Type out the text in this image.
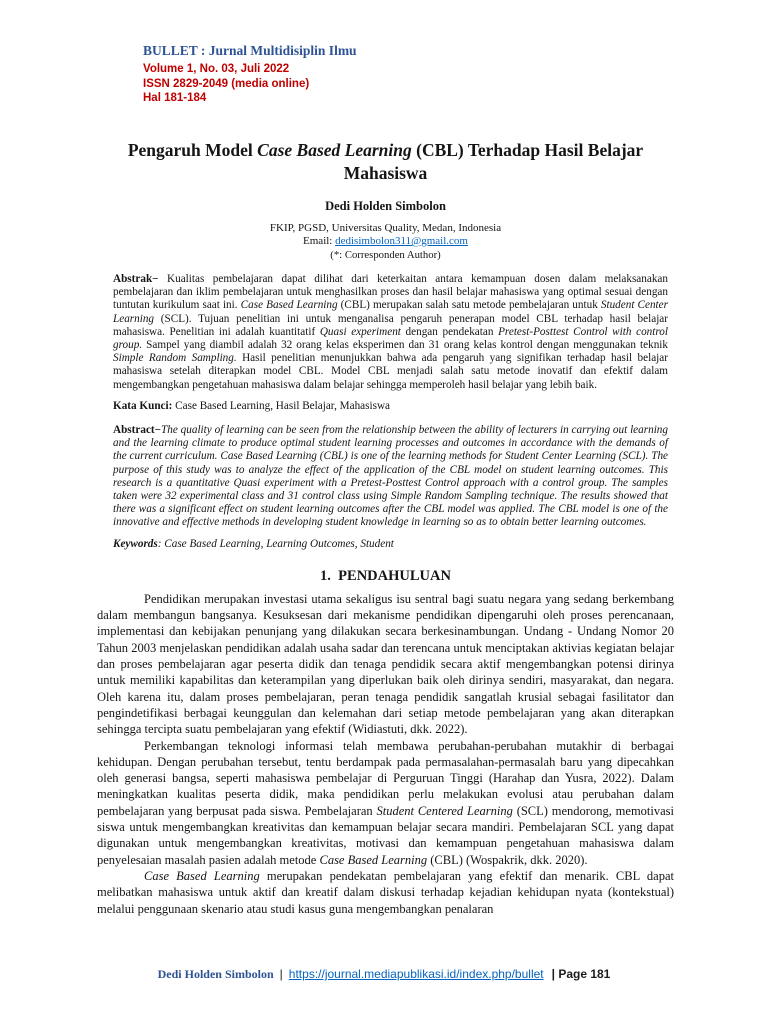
BULLET : Jurnal Multidisiplin Ilmu
Volume 1, No. 03, Juli 2022
ISSN 2829-2049 (media online)
Hal 181-184
Pengaruh Model Case Based Learning (CBL) Terhadap Hasil Belajar Mahasiswa
Dedi Holden Simbolon
FKIP, PGSD, Universitas Quality, Medan, Indonesia
Email: dedisimbolon311@gmail.com
(*: Corresponden Author)

Abstrak− Kualitas pembelajaran dapat dilihat dari keterkaitan antara kemampuan dosen dalam melaksanakan pembelajaran dan iklim pembelajaran untuk menghasilkan proses dan hasil belajar mahasiswa yang optimal sesuai dengan tuntutan kurikulum saat ini. Case Based Learning (CBL) merupakan salah satu metode pembelajaran untuk Student Center Learning (SCL). Tujuan penelitian ini untuk menganalisa pengaruh penerapan model CBL terhadap hasil belajar mahasiswa. Penelitian ini adalah kuantitatif Quasi experiment dengan pendekatan Pretest-Posttest Control with control group. Sampel yang diambil adalah 32 orang kelas eksperimen dan 31 orang kelas kontrol dengan menggunakan teknik Simple Random Sampling. Hasil penelitian menunjukkan bahwa ada pengaruh yang signifikan terhadap hasil belajar mahasiswa setelah diterapkan model CBL. Model CBL menjadi salah satu metode inovatif dan efektif dalam mengembangkan pengetahuan mahasiswa dalam belajar sehingga memperoleh hasil belajar yang lebih baik.

Kata Kunci: Case Based Learning, Hasil Belajar, Mahasiswa

Abstract−The quality of learning can be seen from the relationship between the ability of lecturers in carrying out learning and the learning climate to produce optimal student learning processes and outcomes in accordance with the demands of the current curriculum. Case Based Learning (CBL) is one of the learning methods for Student Center Learning (SCL). The purpose of this study was to analyze the effect of the application of the CBL model on student learning outcomes. This research is a quantitative Quasi experiment with a Pretest-Posttest Control approach with a control group. The samples taken were 32 experimental class and 31 control class using Simple Random Sampling technique. The results showed that there was a significant effect on student learning outcomes after the CBL model was applied. The CBL model is one of the innovative and effective methods in developing student knowledge in learning so as to obtain better learning outcomes.

Keywords: Case Based Learning, Learning Outcomes, Student

1.  PENDAHULUAN

Pendidikan merupakan investasi utama sekaligus isu sentral bagi suatu negara yang sedang berkembang dalam membangun bangsanya. Kesuksesan dari mekanisme pendidikan dipengaruhi oleh proses perencanaan, implementasi dan kebijakan penunjang yang dilakukan secara berkesinambungan. Undang - Undang Nomor 20 Tahun 2003 menjelaskan pendidikan adalah usaha sadar dan terencana untuk menciptakan aktivias kegiatan belajar dan proses pembelajaran agar peserta didik dan tenaga pendidik secara aktif mengembangkan potensi dirinya untuk memiliki kapabilitas dan keterampilan yang diperlukan baik oleh dirinya sendiri, masyarakat, dan negara. Oleh karena itu, dalam proses pembelajaran, peran tenaga pendidik sangatlah krusial sebagai fasilitator dan pengindetifikasi berbagai keunggulan dan kelemahan dari setiap metode pembelajaran yang akan diterapkan sehingga tercipta suatu pembelajaran yang efektif (Widiastuti, dkk. 2022).

Perkembangan teknologi informasi telah membawa perubahan-perubahan mutakhir di berbagai kehidupan. Dengan perubahan tersebut, tentu berdampak pada permasalahan-permasalah baru yang dipecahkan oleh generasi bangsa, seperti mahasiswa pembelajar di Perguruan Tinggi (Harahap dan Yusra, 2022). Dalam meningkatkan kualitas peserta didik, maka pendidikan perlu melakukan evolusi atau perubahan dalam pembelajaran yang berpusat pada siswa. Pembelajaran Student Centered Learning (SCL) mendorong, memotivasi siswa untuk mengembangkan kreativitas dan kemampuan belajar secara mandiri. Pembelajaran SCL yang dapat digunakan untuk mengembangkan kreativitas, motivasi dan kemampuan pengetahuan mahasiswa dalam penyelesaian masalah pasien adalah metode Case Based Learning (CBL) (Wospakrik, dkk. 2020).

Case Based Learning merupakan pendekatan pembelajaran yang efektif dan menarik. CBL dapat melibatkan mahasiswa untuk aktif dan kreatif dalam diskusi terhadap kejadian kehidupan nyata (kontekstual) melalui penggunaan skenario atau studi kasus guna mengembangkan penalaran

Dedi Holden Simbolon | https://journal.mediapublikasi.id/index.php/bullet | Page 181
